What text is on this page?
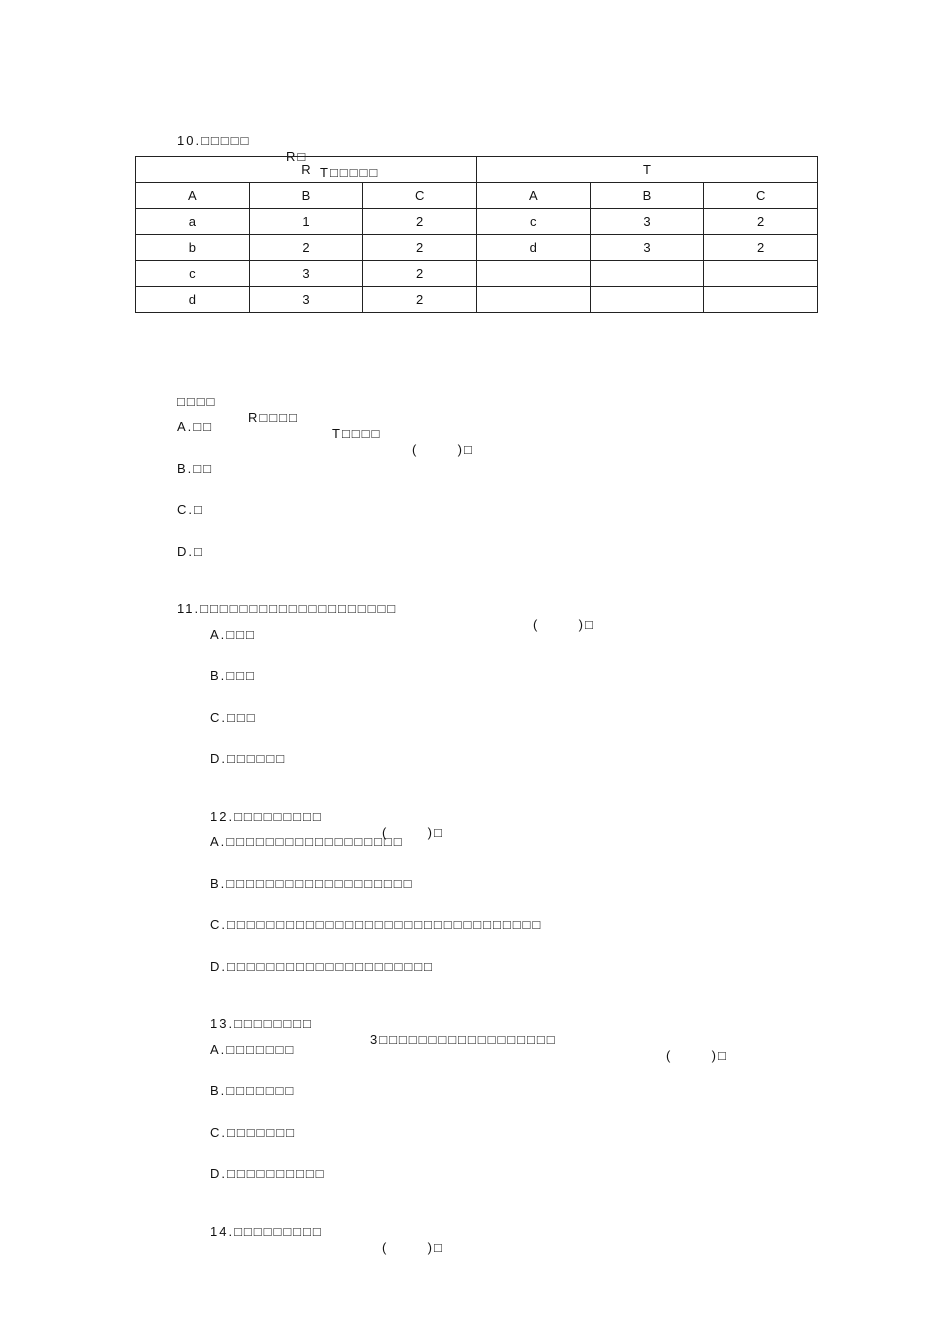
10.□□□□□

R□

T□□□□□

R			T		
A	B	C	A	B	C
a	1	2	c	3	2
b	2	2	d	3	2
c	3	2			
d	3	2			

□□□□

R□□□□

T□□□□

(       )□

A.□□
B.□□
C.□
D.□

11.□□□□□□□□□□□□□□□□□□□□

(       )□

A.□□□
B.□□□
C.□□□
D.□□□□□□

12.□□□□□□□□□

(       )□

A.□□□□□□□□□□□□□□□□□□
B.□□□□□□□□□□□□□□□□□□□
C.□□□□□□□□□□□□□□□□□□□□□□□□□□□□□□□□
D.□□□□□□□□□□□□□□□□□□□□□

13.□□□□□□□□

3□□□□□□□□□□□□□□□□□□

(       )□

A.□□□□□□□
B.□□□□□□□
C.□□□□□□□
D.□□□□□□□□□□

14.□□□□□□□□□

(       )□
